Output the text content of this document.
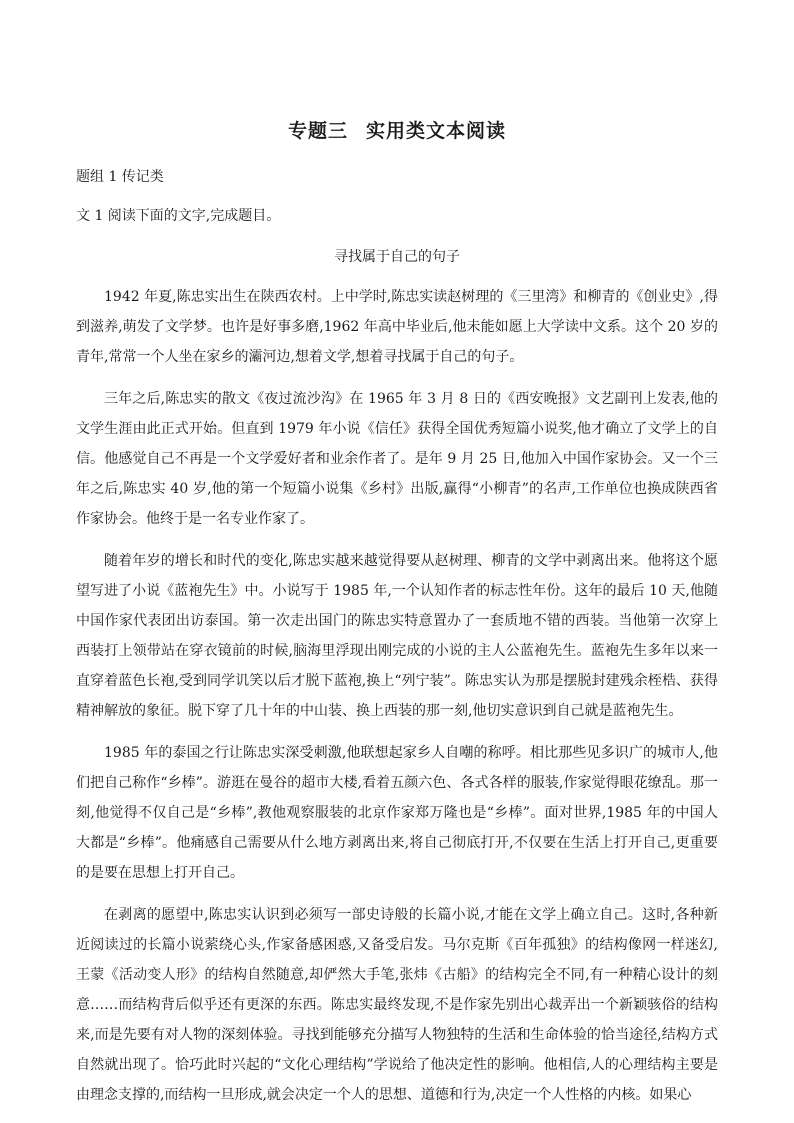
专题三 实用类文本阅读

题组 1 传记类

文 1 阅读下面的文字,完成题目。

寻找属于自己的句子

1942 年夏,陈忠实出生在陕西农村。上中学时,陈忠实读赵树理的《三里湾》和柳青的《创业史》,得到滋养,萌发了文学梦。也许是好事多磨,1962 年高中毕业后,他未能如愿上大学读中文系。这个 20 岁的青年,常常一个人坐在家乡的灞河边,想着文学,想着寻找属于自己的句子。

三年之后,陈忠实的散文《夜过流沙沟》在 1965 年 3 月 8 日的《西安晚报》文艺副刊上发表,他的文学生涯由此正式开始。但直到 1979 年小说《信任》获得全国优秀短篇小说奖,他才确立了文学上的自信。他感觉自己不再是一个文学爱好者和业余作者了。是年 9 月 25 日,他加入中国作家协会。又一个三年之后,陈忠实 40 岁,他的第一个短篇小说集《乡村》出版,赢得“小柳青”的名声,工作单位也换成陕西省作家协会。他终于是一名专业作家了。

随着年岁的增长和时代的变化,陈忠实越来越觉得要从赵树理、柳青的文学中剥离出来。他将这个愿望写进了小说《蓝袍先生》中。小说写于 1985 年,一个认知作者的标志性年份。这年的最后 10 天,他随中国作家代表团出访泰国。第一次走出国门的陈忠实特意置办了一套质地不错的西装。当他第一次穿上西装打上领带站在穿衣镜前的时候,脑海里浮现出刚完成的小说的主人公蓝袍先生。蓝袍先生多年以来一直穿着蓝色长袍,受到同学讥笑以后才脱下蓝袍,换上“列宁装”。陈忠实认为那是摆脱封建残余桎梏、获得精神解放的象征。脱下穿了几十年的中山装、换上西装的那一刻,他切实意识到自己就是蓝袍先生。

1985 年的泰国之行让陈忠实深受刺激,他联想起家乡人自嘲的称呼。相比那些见多识广的城市人,他们把自己称作“乡棒”。游逛在曼谷的超市大楼,看着五颜六色、各式各样的服装,作家觉得眼花缭乱。那一刻,他觉得不仅自己是“乡棒”,教他观察服装的北京作家郑万隆也是“乡棒”。面对世界,1985 年的中国人大都是“乡棒”。他痛感自己需要从什么地方剥离出来,将自己彻底打开,不仅要在生活上打开自己,更重要的是要在思想上打开自己。

在剥离的愿望中,陈忠实认识到必须写一部史诗般的长篇小说,才能在文学上确立自己。这时,各种新近阅读过的长篇小说萦绕心头,作家备感困惑,又备受启发。马尔克斯《百年孤独》的结构像网一样迷幻,王蒙《活动变人形》的结构自然随意,却俨然大手笔,张炜《古船》的结构完全不同,有一种精心设计的刻意……而结构背后似乎还有更深的东西。陈忠实最终发现,不是作家先别出心裁弄出一个新颖骇俗的结构来,而是先要有对人物的深刻体验。寻找到能够充分描写人物独特的生活和生命体验的恰当途径,结构方式自然就出现了。恰巧此时兴起的“文化心理结构”学说给了他决定性的影响。他相信,人的心理结构主要是由理念支撑的,而结构一旦形成,就会决定一个人的思想、道德和行为,决定一个人性格的内核。如果心
